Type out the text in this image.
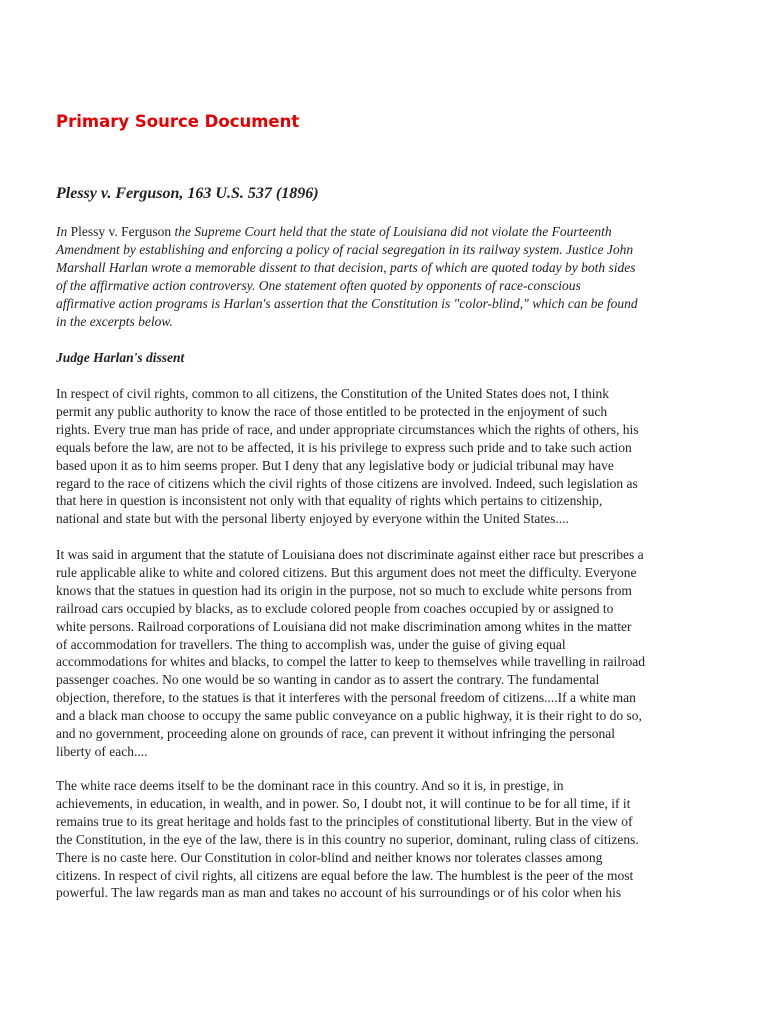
Primary Source Document
Plessy v. Ferguson, 163 U.S. 537 (1896)
In Plessy v. Ferguson the Supreme Court held that the state of Louisiana did not violate the Fourteenth
Amendment by establishing and enforcing a policy of racial segregation in its railway system. Justice John
Marshall Harlan wrote a memorable dissent to that decision, parts of which are quoted today by both sides
of the affirmative action controversy. One statement often quoted by opponents of race-conscious
affirmative action programs is Harlan's assertion that the Constitution is "color-blind," which can be found
in the excerpts below.
Judge Harlan's dissent
In respect of civil rights, common to all citizens, the Constitution of the United States does not, I think
permit any public authority to know the race of those entitled to be protected in the enjoyment of such
rights. Every true man has pride of race, and under appropriate circumstances which the rights of others, his
equals before the law, are not to be affected, it is his privilege to express such pride and to take such action
based upon it as to him seems proper. But I deny that any legislative body or judicial tribunal may have
regard to the race of citizens which the civil rights of those citizens are involved. Indeed, such legislation as
that here in question is inconsistent not only with that equality of rights which pertains to citizenship,
national and state but with the personal liberty enjoyed by everyone within the United States....
It was said in argument that the statute of Louisiana does not discriminate against either race but prescribes a
rule applicable alike to white and colored citizens. But this argument does not meet the difficulty. Everyone
knows that the statues in question had its origin in the purpose, not so much to exclude white persons from
railroad cars occupied by blacks, as to exclude colored people from coaches occupied by or assigned to
white persons. Railroad corporations of Louisiana did not make discrimination among whites in the matter
of accommodation for travellers. The thing to accomplish was, under the guise of giving equal
accommodations for whites and blacks, to compel the latter to keep to themselves while travelling in railroad
passenger coaches. No one would be so wanting in candor as to assert the contrary. The fundamental
objection, therefore, to the statues is that it interferes with the personal freedom of citizens....If a white man
and a black man choose to occupy the same public conveyance on a public highway, it is their right to do so,
and no government, proceeding alone on grounds of race, can prevent it without infringing the personal
liberty of each....
The white race deems itself to be the dominant race in this country. And so it is, in prestige, in
achievements, in education, in wealth, and in power. So, I doubt not, it will continue to be for all time, if it
remains true to its great heritage and holds fast to the principles of constitutional liberty. But in the view of
the Constitution, in the eye of the law, there is in this country no superior, dominant, ruling class of citizens.
There is no caste here. Our Constitution in color-blind and neither knows nor tolerates classes among
citizens. In respect of civil rights, all citizens are equal before the law. The humblest is the peer of the most
powerful. The law regards man as man and takes no account of his surroundings or of his color when his
